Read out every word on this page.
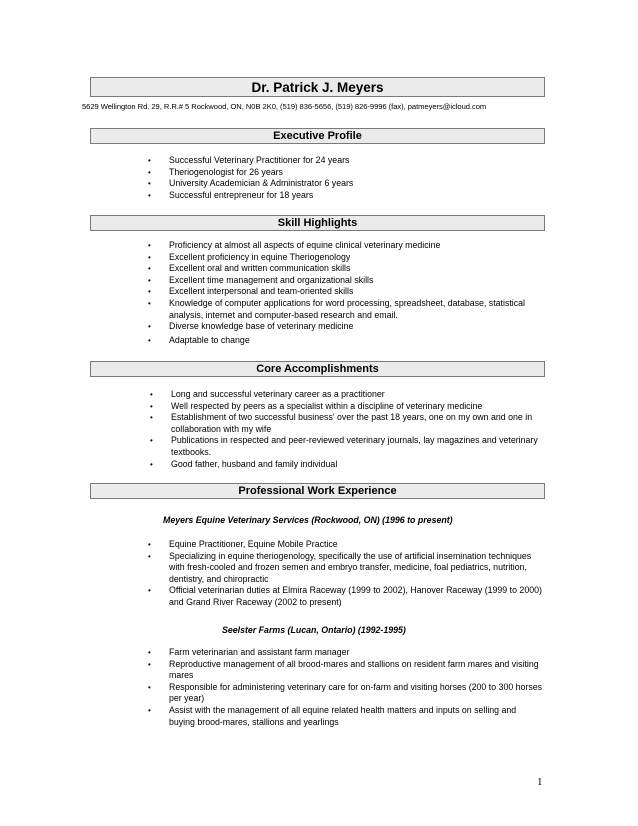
Dr. Patrick J. Meyers
5629 Wellington Rd. 29, R.R.# 5 Rockwood, ON, N0B 2K0, (519) 836-5656, (519) 826-9996 (fax), patmeyers@icloud.com
Executive Profile
• Successful Veterinary Practitioner for 24 years
• Theriogenologist for 26 years
• University Academician & Administrator 6 years
• Successful entrepreneur for 18 years
Skill Highlights
• Proficiency at almost all aspects of equine clinical veterinary medicine
• Excellent proficiency in equine Theriogenology
• Excellent oral and written communication skills
• Excellent time management and organizational skills
• Excellent interpersonal and team-oriented skills
• Knowledge of computer applications for word processing, spreadsheet, database, statistical analysis, internet and computer-based research and email.
• Diverse knowledge base of veterinary medicine
• Adaptable to change
Core Accomplishments
• Long and successful veterinary career as a practitioner
• Well respected by peers as a specialist within a discipline of veterinary medicine
• Establishment of two successful business' over the past 18 years, one on my own and one in collaboration with my wife
• Publications in respected and peer-reviewed veterinary journals, lay magazines and veterinary textbooks.
• Good father, husband and family individual
Professional Work Experience
Meyers Equine Veterinary Services (Rockwood, ON) (1996 to present)
• Equine Practitioner, Equine Mobile Practice
• Specializing in equine theriogenology, specifically the use of artificial insemination techniques with fresh-cooled and frozen semen and embryo transfer, medicine, foal pediatrics, nutrition, dentistry, and chiropractic
• Official veterinarian duties at Elmira Raceway (1999 to 2002), Hanover Raceway (1999 to 2000) and Grand River Raceway (2002 to present)
Seelster Farms (Lucan, Ontario) (1992-1995)
• Farm veterinarian and assistant farm manager
• Reproductive management of all brood-mares and stallions on resident farm mares and visiting mares
• Responsible for administering veterinary care for on-farm and visiting horses (200 to 300 horses per year)
• Assist with the management of all equine related health matters and inputs on selling and buying brood-mares, stallions and yearlings
1
